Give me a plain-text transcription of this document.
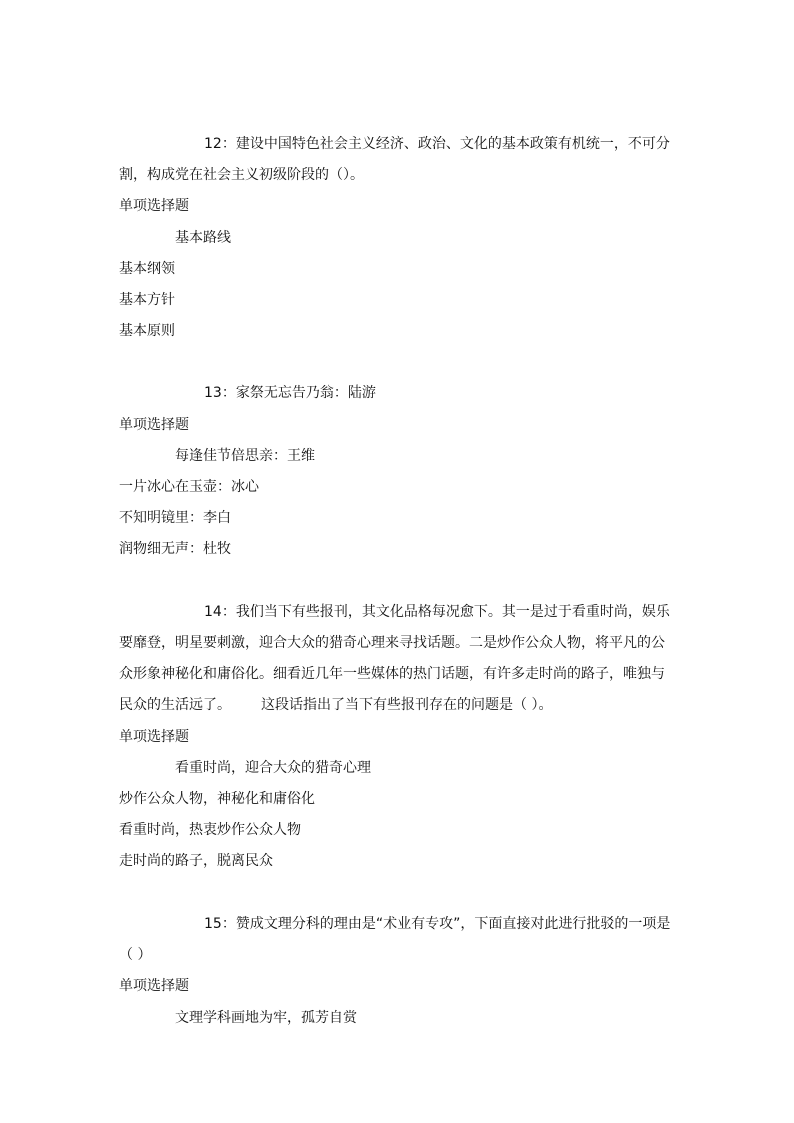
12：建设中国特色社会主义经济、政治、文化的基本政策有机统一，不可分
割，构成党在社会主义初级阶段的（）。
单项选择题
基本路线
基本纲领
基本方针
基本原则
13：家祭无忘告乃翁：陆游
单项选择题
每逢佳节倍思亲：王维
一片冰心在玉壶：冰心
不知明镜里：李白
润物细无声：杜牧
14：我们当下有些报刊，其文化品格每况愈下。其一是过于看重时尚，娱乐
要靡登，明星要刺激，迎合大众的猎奇心理来寻找话题。二是炒作公众人物，将平凡的公
众形象神秘化和庸俗化。细看近几年一些媒体的热门话题，有许多走时尚的路子，唯独与
民众的生活远了。 这段话指出了当下有些报刊存在的问题是（ ）。
单项选择题
看重时尚，迎合大众的猎奇心理
炒作公众人物，神秘化和庸俗化
看重时尚，热衷炒作公众人物
走时尚的路子，脱离民众
15：赞成文理分科的理由是“术业有专攻”，下面直接对此进行批驳的一项是
（ ）
单项选择题
文理学科画地为牢，孤芳自赏
